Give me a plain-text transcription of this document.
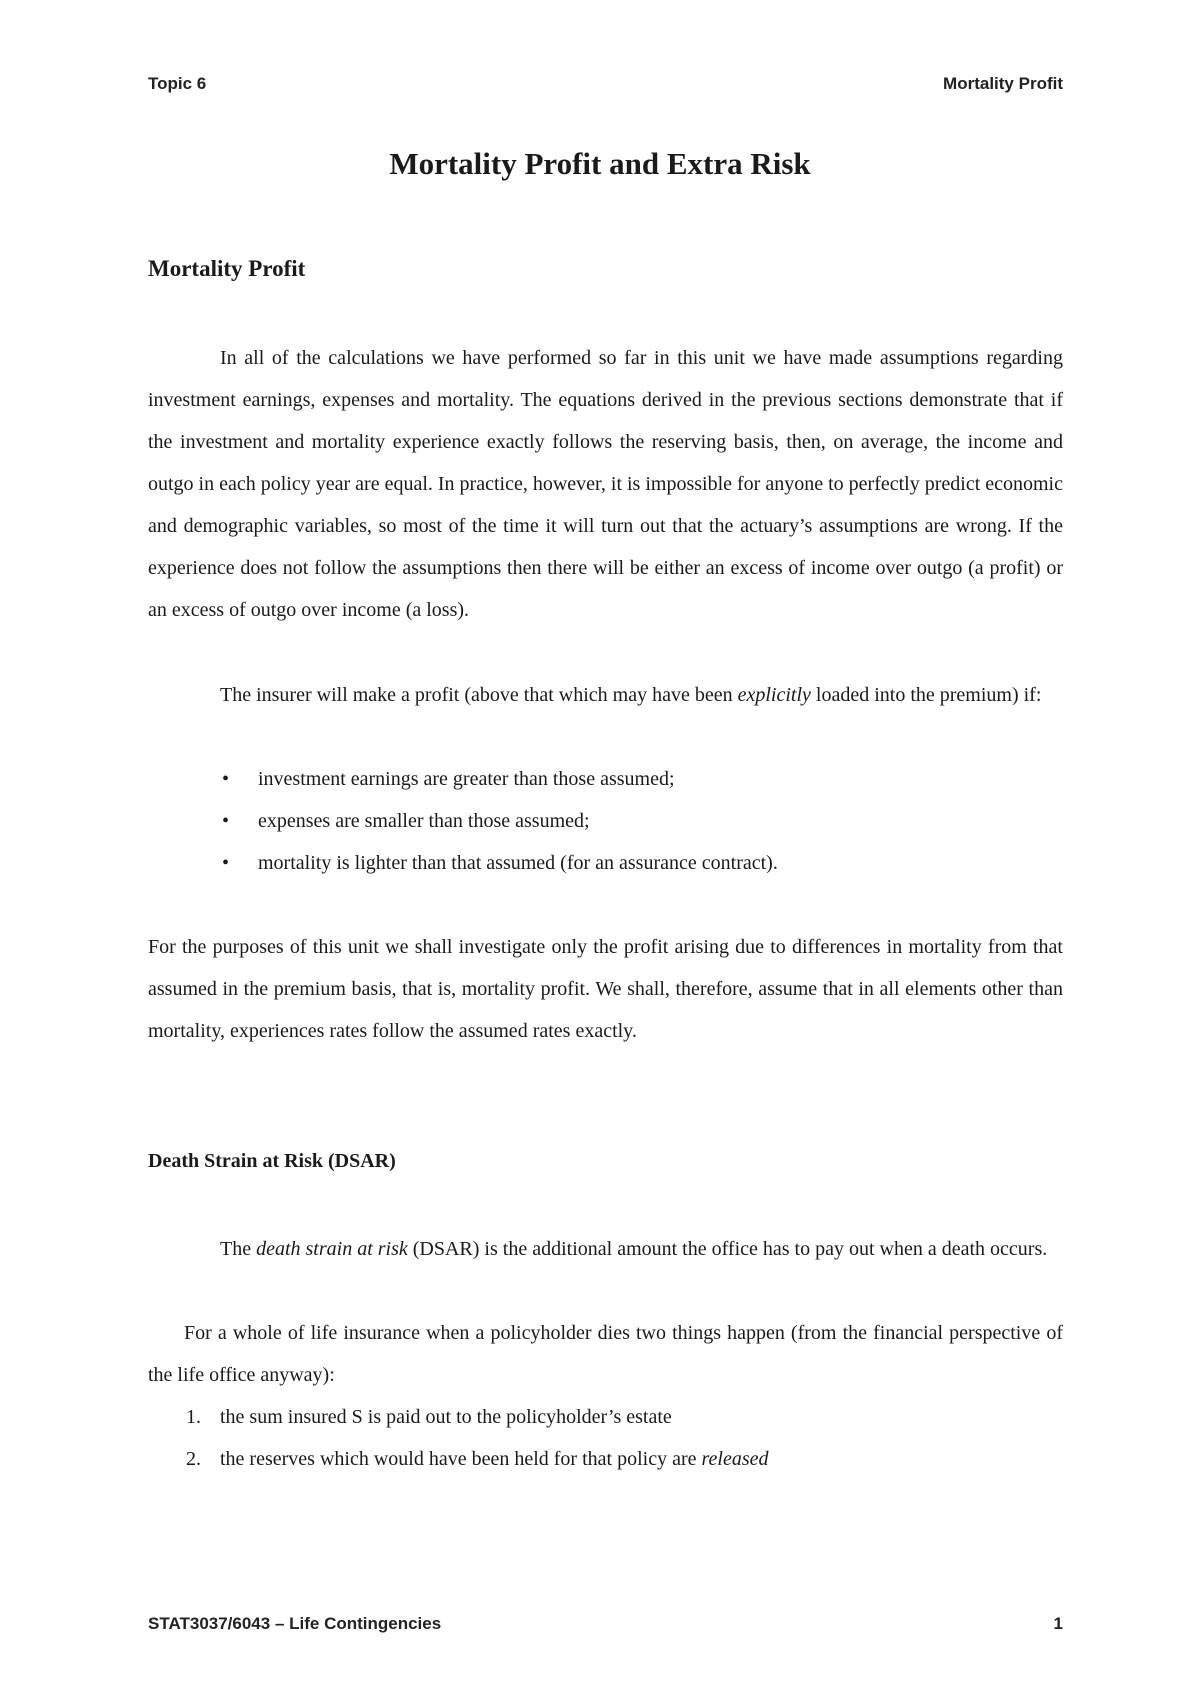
Topic 6	Mortality Profit
Mortality Profit and Extra Risk
Mortality Profit

In all of the calculations we have performed so far in this unit we have made assumptions regarding investment earnings, expenses and mortality. The equations derived in the previous sections demonstrate that if the investment and mortality experience exactly follows the reserving basis, then, on average, the income and outgo in each policy year are equal. In practice, however, it is impossible for anyone to perfectly predict economic and demographic variables, so most of the time it will turn out that the actuary’s assumptions are wrong. If the experience does not follow the assumptions then there will be either an excess of income over outgo (a profit) or an excess of outgo over income (a loss).

The insurer will make a profit (above that which may have been explicitly loaded into the premium) if:

• investment earnings are greater than those assumed;
• expenses are smaller than those assumed;
• mortality is lighter than that assumed (for an assurance contract).

For the purposes of this unit we shall investigate only the profit arising due to differences in mortality from that assumed in the premium basis, that is, mortality profit. We shall, therefore, assume that in all elements other than mortality, experiences rates follow the assumed rates exactly.

Death Strain at Risk (DSAR)

The death strain at risk (DSAR) is the additional amount the office has to pay out when a death occurs.

For a whole of life insurance when a policyholder dies two things happen (from the financial perspective of the life office anyway):

1. the sum insured S is paid out to the policyholder’s estate
2. the reserves which would have been held for that policy are released
STAT3037/6043 – Life Contingencies	1
